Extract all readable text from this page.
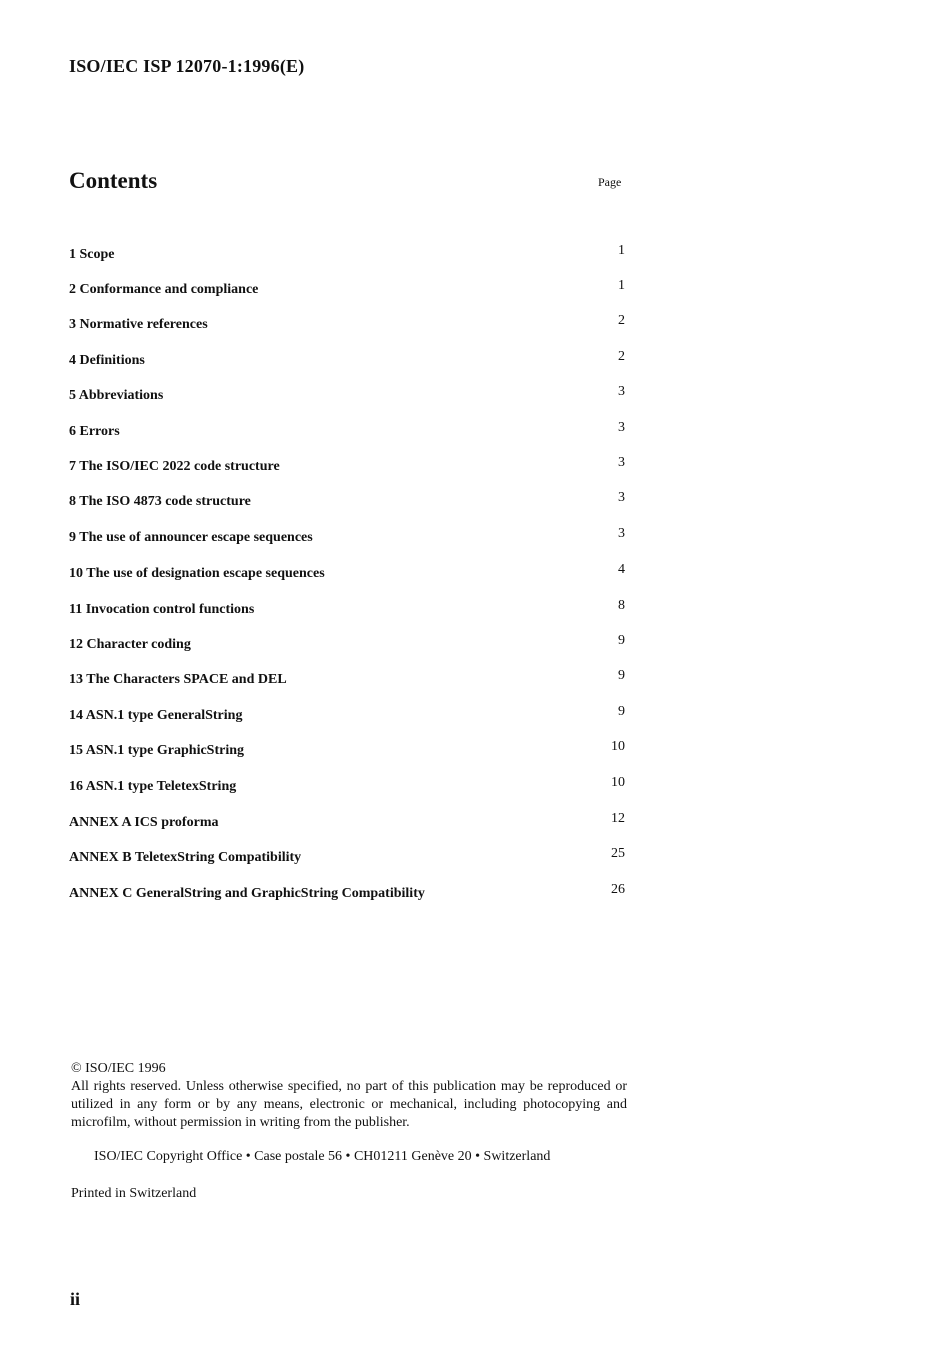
ISO/IEC ISP 12070-1:1996(E)
Contents	Page
1 Scope	1
2 Conformance and compliance	1
3 Normative references	2
4 Definitions	2
5 Abbreviations	3
6 Errors	3
7 The ISO/IEC 2022 code structure	3
8 The ISO 4873 code structure	3
9 The use of announcer escape sequences	3
10 The use of designation escape sequences	4
11 Invocation control functions	8
12 Character coding	9
13 The Characters SPACE and DEL	9
14 ASN.1 type GeneralString	9
15 ASN.1 type GraphicString	10
16 ASN.1 type TeletexString	10
ANNEX A ICS proforma	12
ANNEX B TeletexString Compatibility	25
ANNEX C GeneralString and GraphicString Compatibility	26

© ISO/IEC 1996

All rights reserved. Unless otherwise specified, no part of this publication may be reproduced or utilized in any form or by any means, electronic or mechanical, including photocopying and microfilm, without permission in writing from the publisher.

ISO/IEC Copyright Office • Case postale 56 • CH01211 Genève 20 • Switzerland
Printed in Switzerland
ii
